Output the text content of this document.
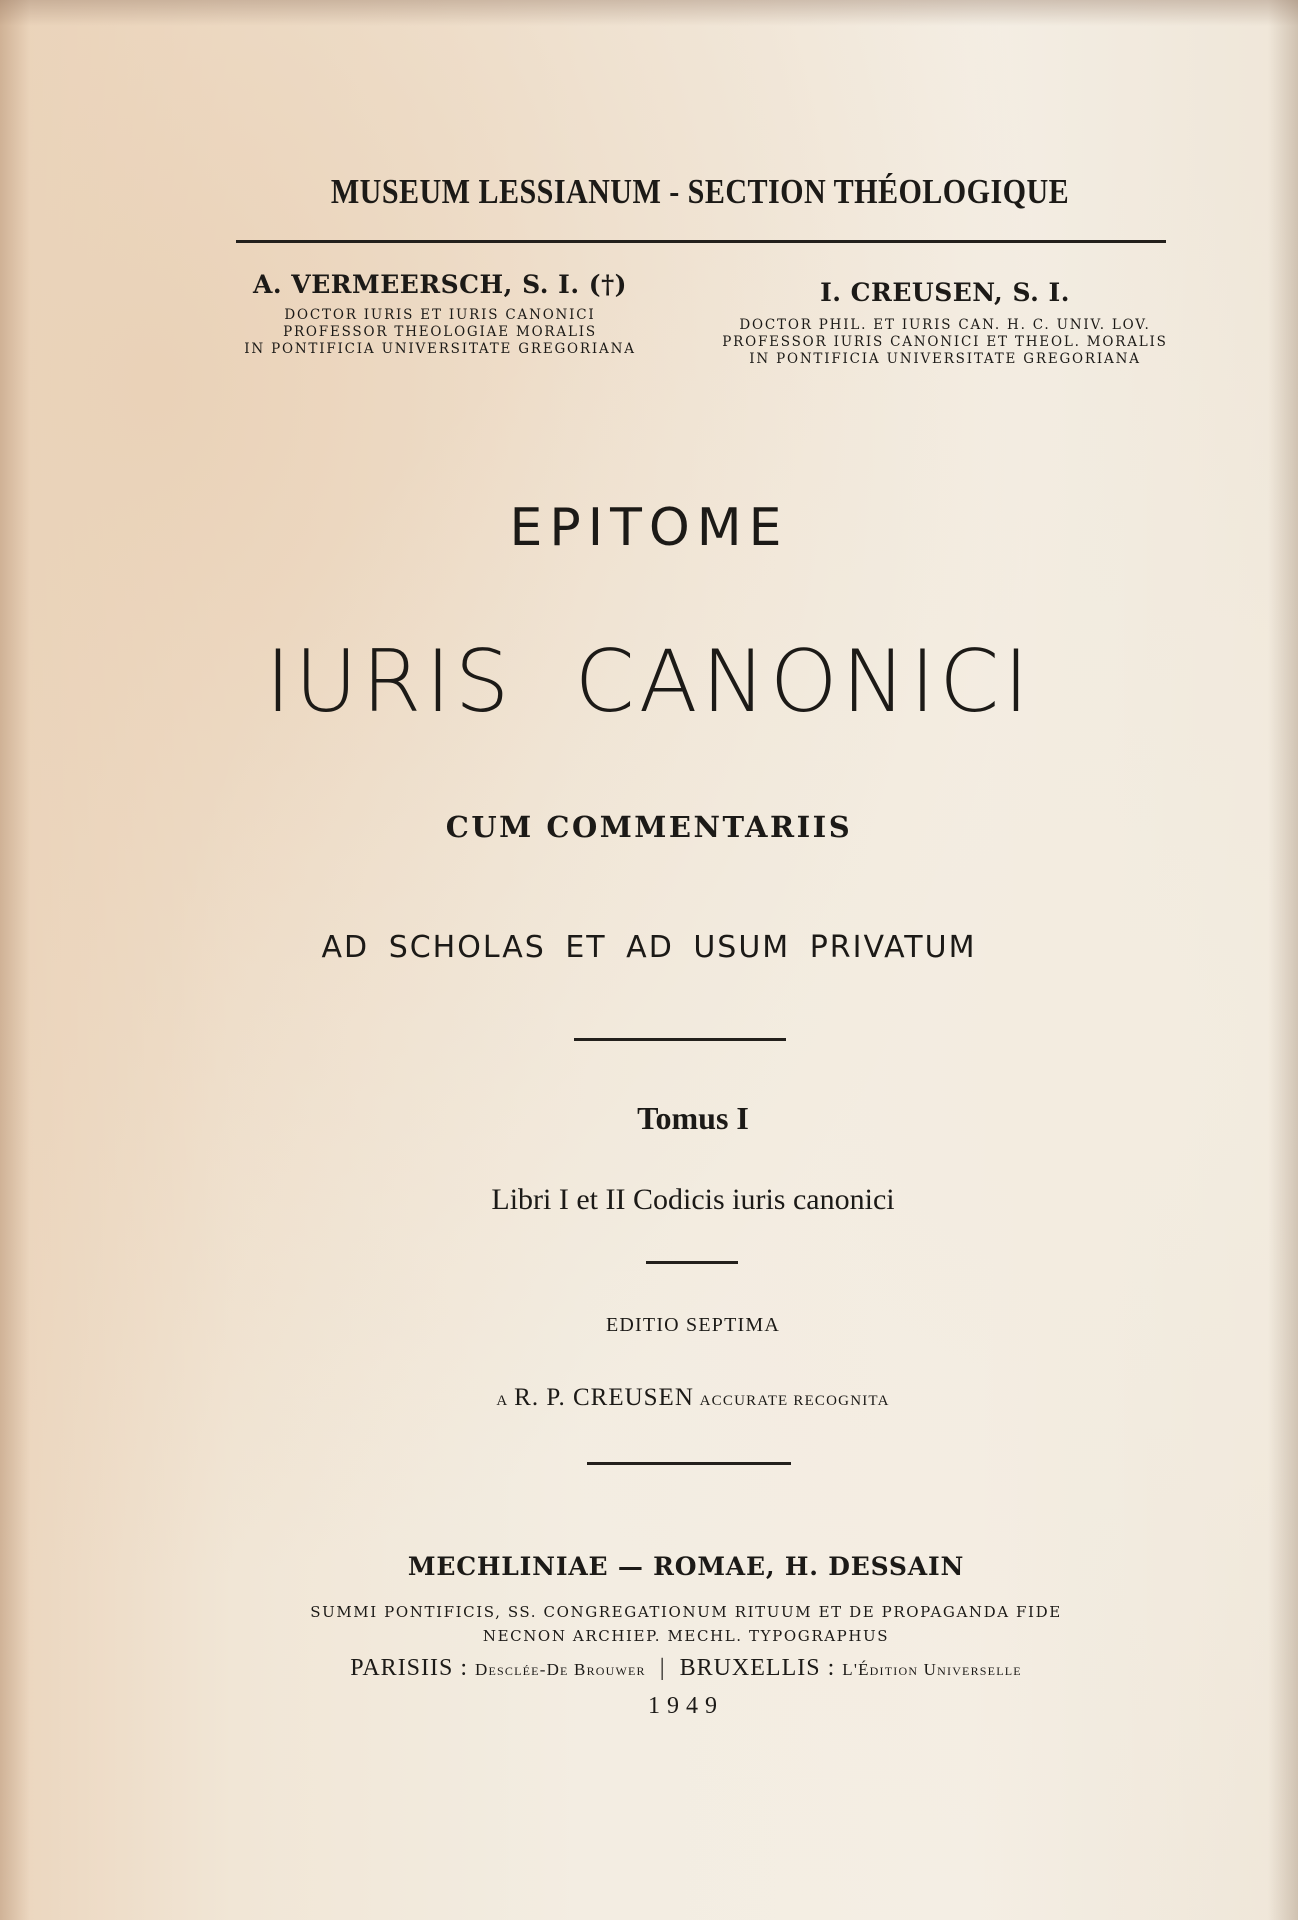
MUSEUM LESSIANUM - SECTION THÉOLOGIQUE
A. VERMEERSCH, S. I. (†)
DOCTOR IURIS ET IURIS CANONICI
PROFESSOR THEOLOGIAE MORALIS
IN PONTIFICIA UNIVERSITATE GREGORIANA
I. CREUSEN, S. I.
DOCTOR PHIL. ET IURIS CAN. H. C. UNIV. LOV.
PROFESSOR IURIS CANONICI ET THEOL. MORALIS
IN PONTIFICIA UNIVERSITATE GREGORIANA
EPITOME
IURIS CANONICI
CUM COMMENTARIIS
AD SCHOLAS ET AD USUM PRIVATUM
Tomus I
Libri I et II Codicis iuris canonici
EDITIO SEPTIMA
A R. P. CREUSEN ACCURATE RECOGNITA
MECHLINIAE — ROMAE, H. DESSAIN
SUMMI PONTIFICIS, SS. CONGREGATIONUM RITUUM ET DE PROPAGANDA FIDE
NECNON ARCHIEP. MECHL. TYPOGRAPHUS
PARISIIS : Desclée-De Brouwer  |  BRUXELLIS : L'Édition Universelle
1949
